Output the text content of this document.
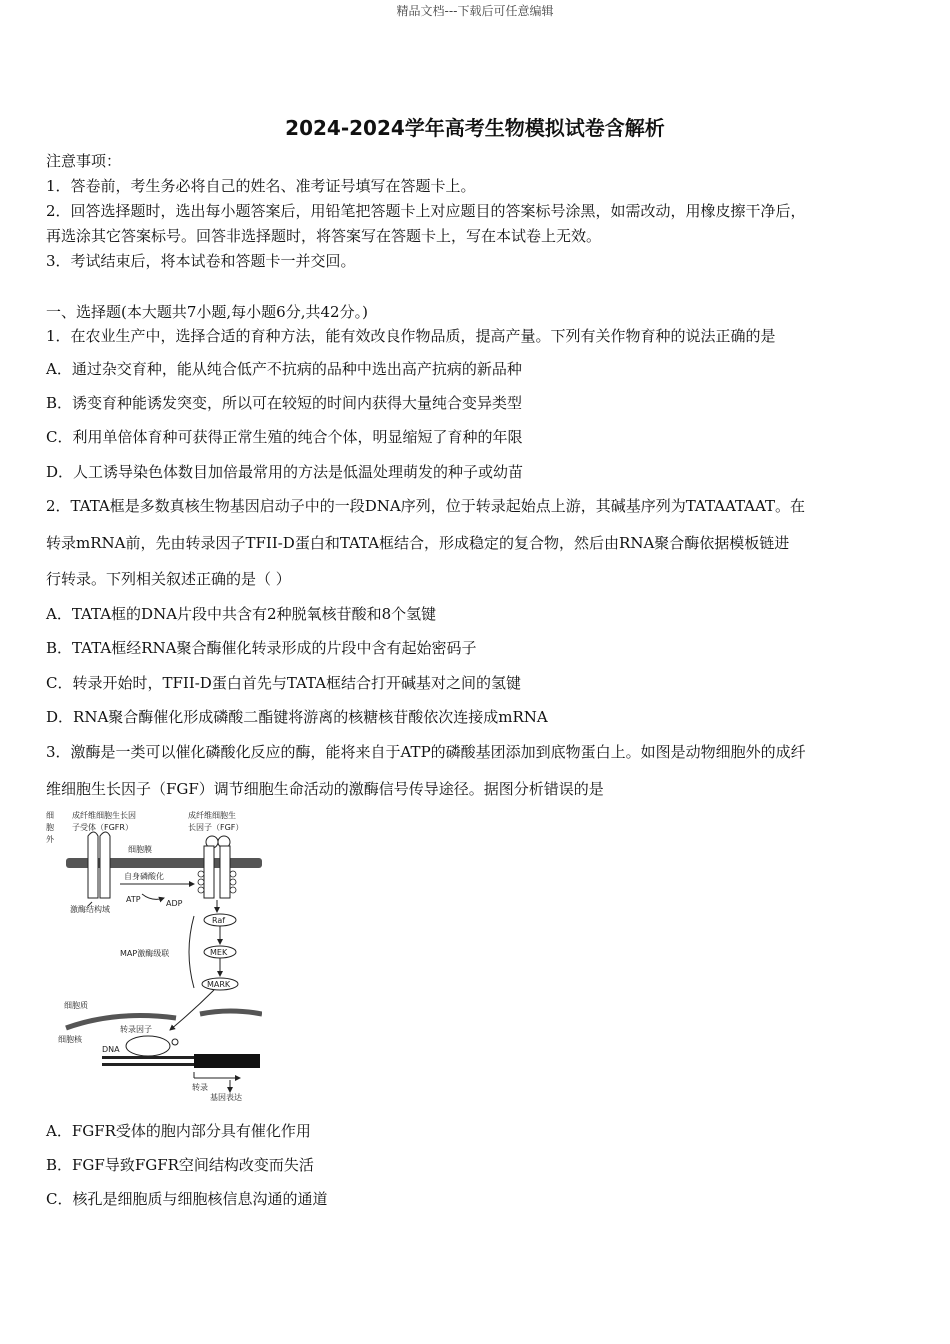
精品文档---下载后可任意编辑
2024-2024学年高考生物模拟试卷含解析
注意事项：
1．答卷前，考生务必将自己的姓名、准考证号填写在答题卡上。
2．回答选择题时，选出每小题答案后，用铅笔把答题卡上对应题目的答案标号涂黑，如需改动，用橡皮擦干净后，
再选涂其它答案标号。回答非选择题时，将答案写在答题卡上，写在本试卷上无效。
3．考试结束后，将本试卷和答题卡一并交回。
一、选择题(本大题共7小题,每小题6分,共42分。)
1．在农业生产中，选择合适的育种方法，能有效改良作物品质，提高产量。下列有关作物育种的说法正确的是
A．通过杂交育种，能从纯合低产不抗病的品种中选出高产抗病的新品种
B．诱变育种能诱发突变，所以可在较短的时间内获得大量纯合变异类型
C．利用单倍体育种可获得正常生殖的纯合个体，明显缩短了育种的年限
D．人工诱导染色体数目加倍最常用的方法是低温处理萌发的种子或幼苗
2．TATA框是多数真核生物基因启动子中的一段DNA序列，位于转录起始点上游，其碱基序列为TATAATAAT。在
转录mRNA前，先由转录因子TFII-D蛋白和TATA框结合，形成稳定的复合物，然后由RNA聚合酶依据模板链进
行转录。下列相关叙述正确的是（ ）
A．TATA框的DNA片段中共含有2种脱氧核苷酸和8个氢键
B．TATA框经RNA聚合酶催化转录形成的片段中含有起始密码子
C．转录开始时，TFII-D蛋白首先与TATA框结合打开碱基对之间的氢键
D．RNA聚合酶催化形成磷酸二酯键将游离的核糖核苷酸依次连接成mRNA
3．激酶是一类可以催化磷酸化反应的酶，能将来自于ATP的磷酸基团添加到底物蛋白上。如图是动物细胞外的成纤
维细胞生长因子（FGF）调节细胞生命活动的激酶信号传导途径。据图分析错误的是
细
胞
外
成纤维细胞生长因
子受体（FGFR）
成纤维细胞生
长因子（FGF）
细胞膜
激酶结构域
自身磷酸化
ATP	ADP
Raf
MEK
MARK
MAP激酶级联
细胞质
细胞核
转录因子
DNA
转录
基因表达
A．FGFR受体的胞内部分具有催化作用
B．FGF导致FGFR空间结构改变而失活
C．核孔是细胞质与细胞核信息沟通的通道
